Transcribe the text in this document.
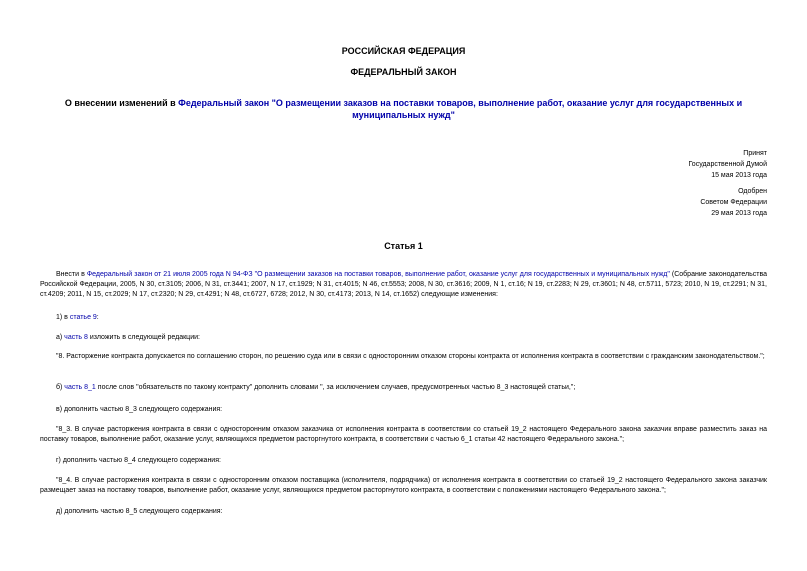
РОССИЙСКАЯ ФЕДЕРАЦИЯ
ФЕДЕРАЛЬНЫЙ ЗАКОН
О внесении изменений в Федеральный закон "О размещении заказов на поставки товаров, выполнение работ, оказание услуг для государственных и муниципальных нужд"
Принят
Государственной Думой
15 мая 2013 года
Одобрен
Советом Федерации
29 мая 2013 года
Статья 1
Внести в Федеральный закон от 21 июля 2005 года N 94-ФЗ "О размещении заказов на поставки товаров, выполнение работ, оказание услуг для государственных и муниципальных нужд" (Собрание законодательства Российской Федерации, 2005, N 30, ст.3105; 2006, N 31, ст.3441; 2007, N 17, ст.1929; N 31, ст.4015; N 46, ст.5553; 2008, N 30, ст.3616; 2009, N 1, ст.16; N 19, ст.2283; N 29, ст.3601; N 48, ст.5711, 5723; 2010, N 19, ст.2291; N 31, ст.4209; 2011, N 15, ст.2029; N 17, ст.2320; N 29, ст.4291; N 48, ст.6727, 6728; 2012, N 30, ст.4173; 2013, N 14, ст.1652) следующие изменения:
1) в статье 9:
а) часть 8 изложить в следующей редакции:
"8. Расторжение контракта допускается по соглашению сторон, по решению суда или в связи с односторонним отказом стороны контракта от исполнения контракта в соответствии с гражданским законодательством.";
б) часть 8_1 после слов "обязательств по такому контракту" дополнить словами ", за исключением случаев, предусмотренных частью 8_3 настоящей статьи,";
в) дополнить частью 8_3 следующего содержания:
"8_3. В случае расторжения контракта в связи с односторонним отказом заказчика от исполнения контракта в соответствии со статьей 19_2 настоящего Федерального закона заказчик вправе разместить заказ на поставку товаров, выполнение работ, оказание услуг, являющихся предметом расторгнутого контракта, в соответствии с частью 6_1 статьи 42 настоящего Федерального закона.";
г) дополнить частью 8_4 следующего содержания:
"8_4. В случае расторжения контракта в связи с односторонним отказом поставщика (исполнителя, подрядчика) от исполнения контракта в соответствии со статьей 19_2 настоящего Федерального закона заказчик размещает заказ на поставку товаров, выполнение работ, оказание услуг, являющихся предметом расторгнутого контракта, в соответствии с положениями настоящего Федерального закона.";
д) дополнить частью 8_5 следующего содержания:
